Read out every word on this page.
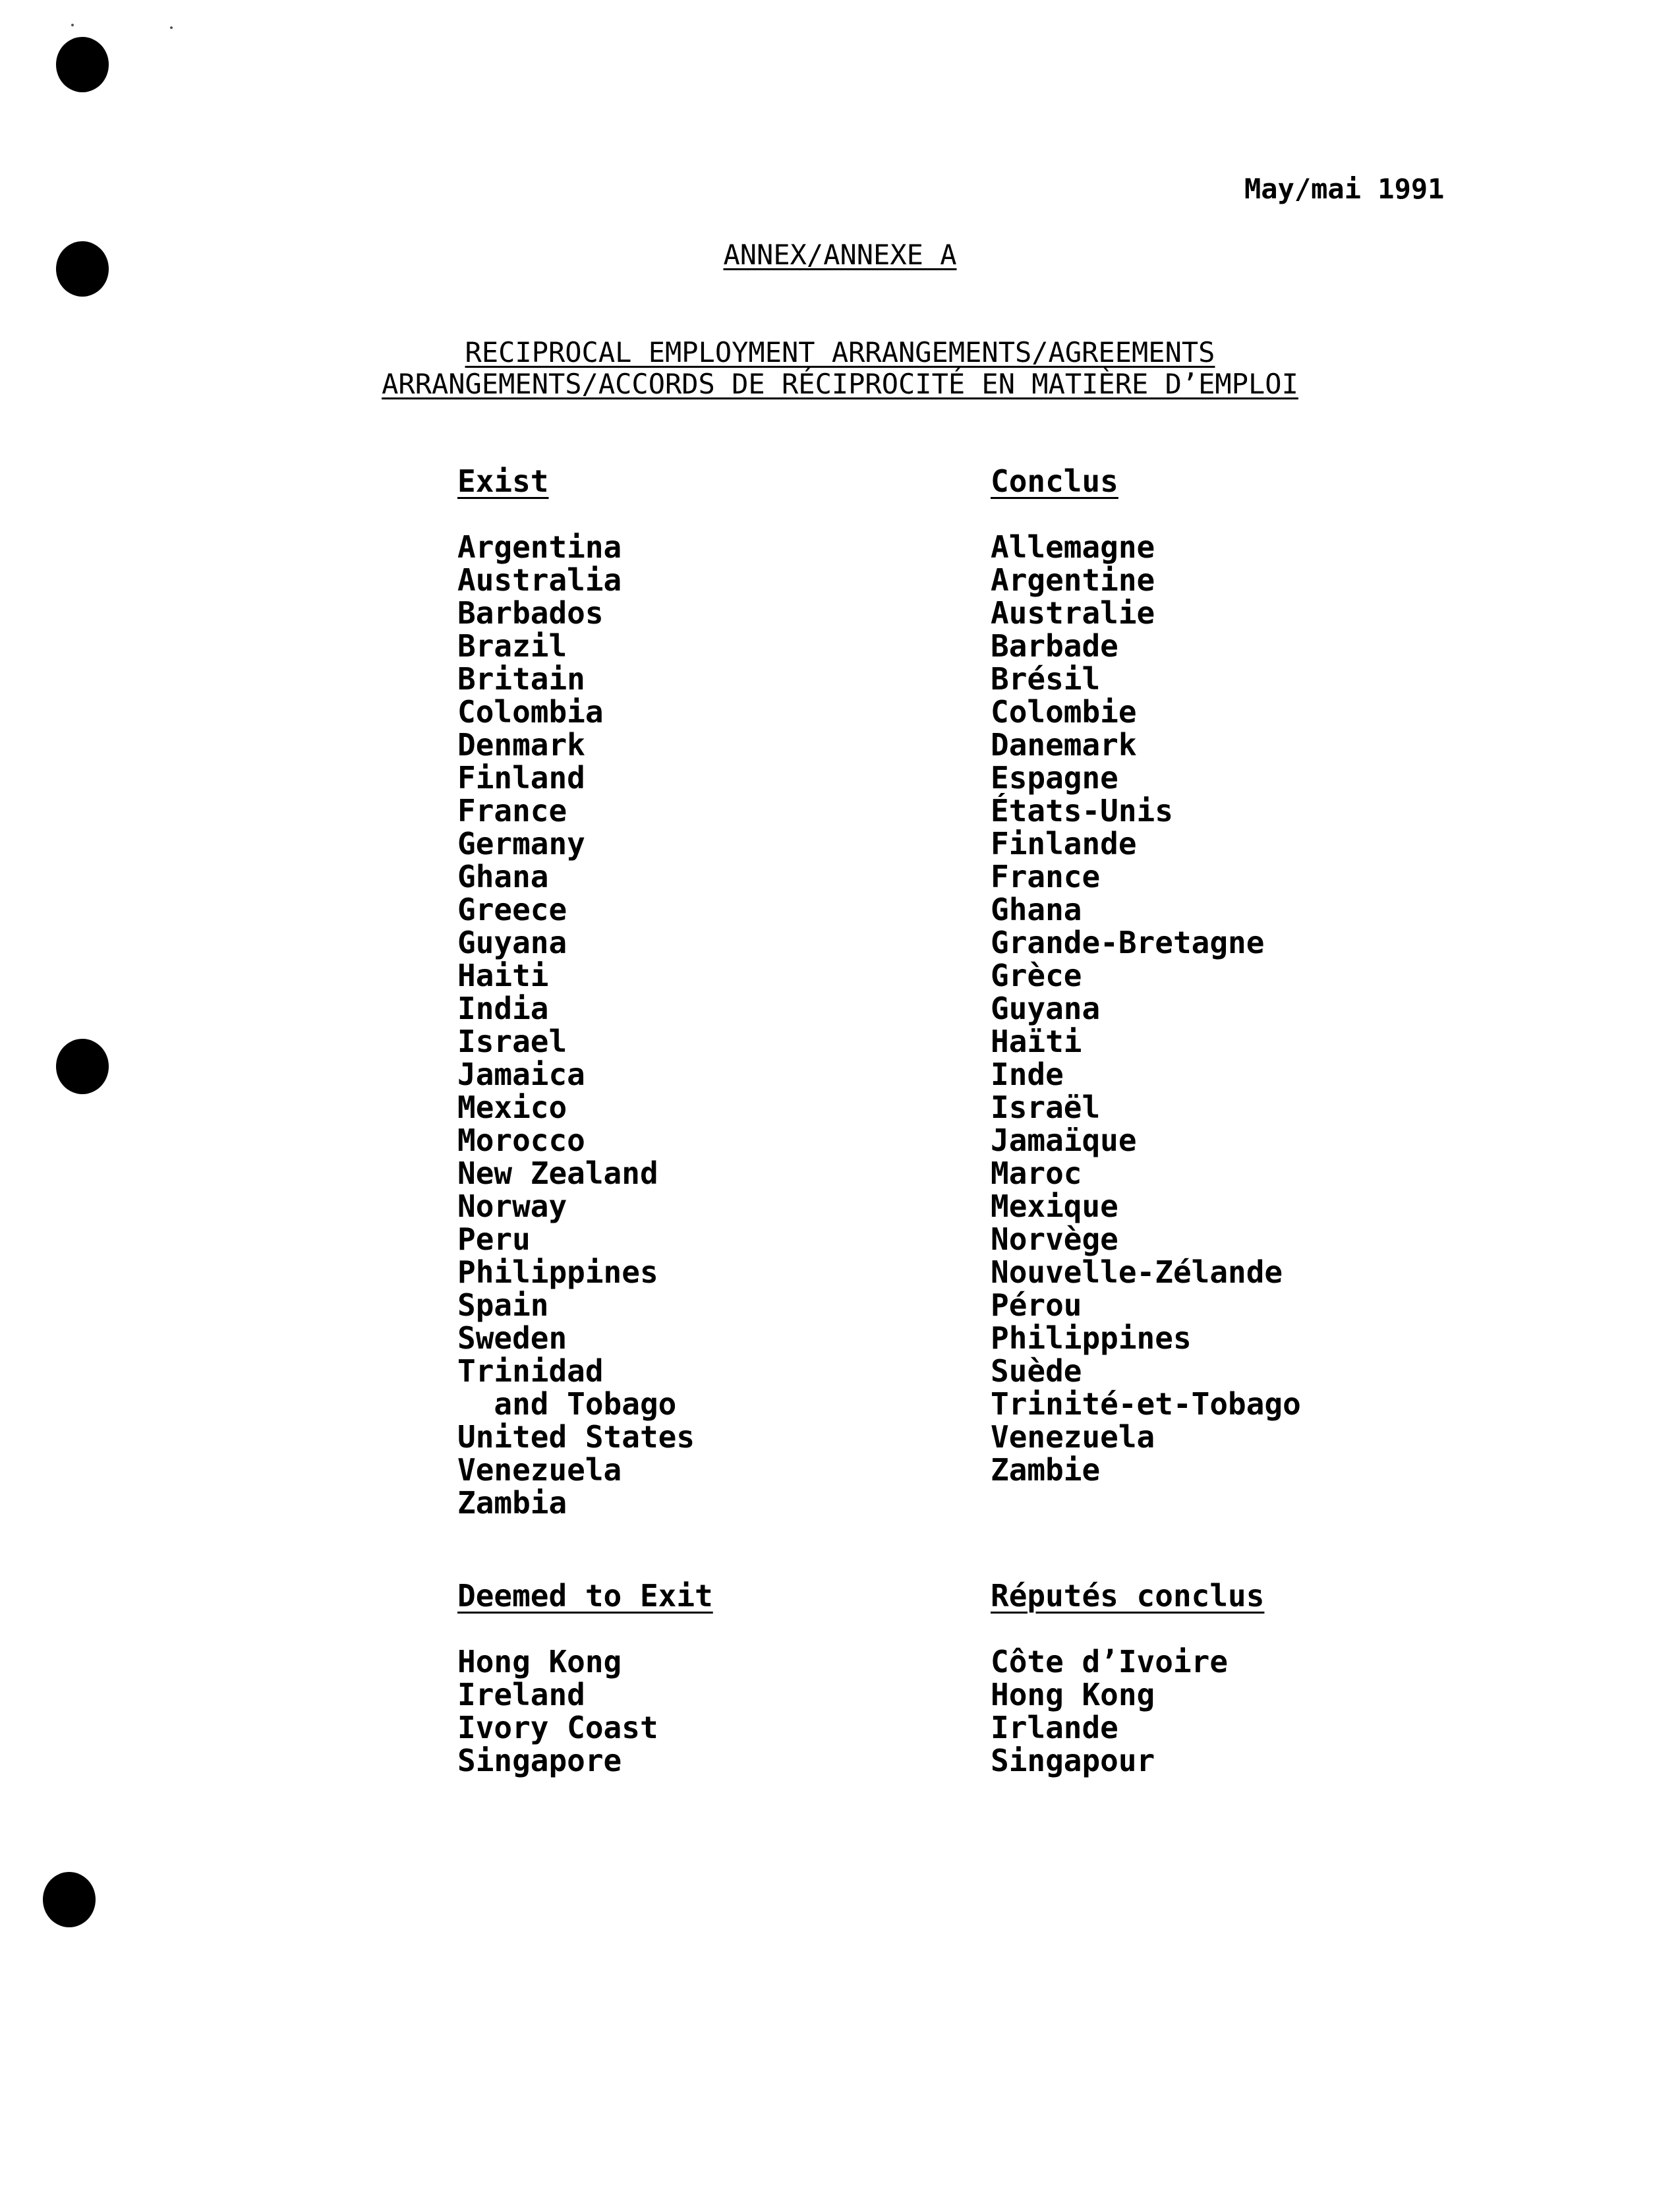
May/mai 1991
ANNEX/ANNEXE A
RECIPROCAL EMPLOYMENT ARRANGEMENTS/AGREEMENTS
ARRANGEMENTS/ACCORDS DE RÉCIPROCITÉ EN MATIÈRE D’EMPLOI
Exist
Argentina
Australia
Barbados
Brazil
Britain
Colombia
Denmark
Finland
France
Germany
Ghana
Greece
Guyana
Haiti
India
Israel
Jamaica
Mexico
Morocco
New Zealand
Norway
Peru
Philippines
Spain
Sweden
Trinidad
and Tobago
United States
Venezuela
Zambia
Conclus
Allemagne
Argentine
Australie
Barbade
Brésil
Colombie
Danemark
Espagne
États-Unis
Finlande
France
Ghana
Grande-Bretagne
Grèce
Guyana
Haïti
Inde
Israël
Jamaïque
Maroc
Mexique
Norvège
Nouvelle-Zélande
Pérou
Philippines
Suède
Trinité-et-Tobago
Venezuela
Zambie
Deemed to Exit
Hong Kong
Ireland
Ivory Coast
Singapore
Réputés conclus
Côte d’Ivoire
Hong Kong
Irlande
Singapour
